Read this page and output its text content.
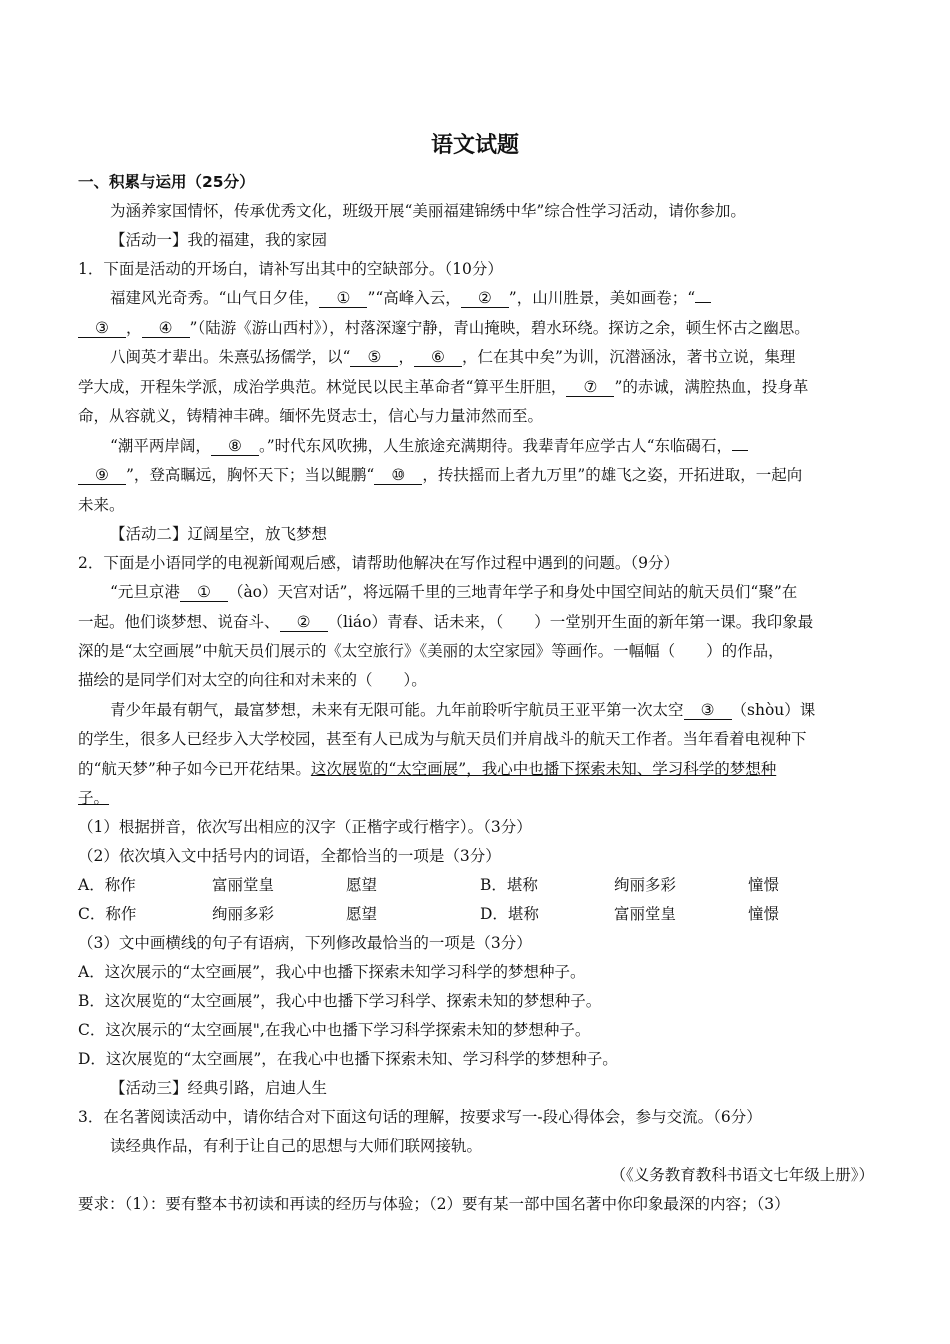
语文试题
一、积累与运用（25分）
为涵养家国情怀，传承优秀文化，班级开展“美丽福建锦绣中华”综合性学习活动，请你参加。
【活动一】我的福建，我的家园
1．下面是活动的开场白，请补写出其中的空缺部分。（10分）
福建风光奇秀。“山气日夕佳， ① ”“高峰入云， ② ”，山川胜景，美如画卷；“
③ ， ④ ”（陆游《游山西村》），村落深邃宁静，青山掩映，碧水环绕。探访之余，顿生怀古之幽思。
八闽英才辈出。朱熹弘扬儒学，以“ ⑤ ， ⑥ ，仁在其中矣”为训，沉潜涵泳，著书立说，集理
学大成，开程朱学派，成治学典范。林觉民以民主革命者“算平生肝胆， ⑦ ”的赤诚，满腔热血，投身革
命，从容就义，铸精神丰碑。缅怀先贤志士，信心与力量沛然而至。
“潮平两岸阔， ⑧ 。”时代东风吹拂，人生旅途充满期待。我辈青年应学古人“东临碣石，
⑨ ”，登高瞩远，胸怀天下；当以鲲鹏“ ⑩ ，抟扶摇而上者九万里”的雄飞之姿，开拓进取，一起向
未来。
【活动二】辽阔星空，放飞梦想
2．下面是小语同学的电视新闻观后感，请帮助他解决在写作过程中遇到的问题。（9分）
“元旦京港 ① （ào）天宫对话”，将远隔千里的三地青年学子和身处中国空间站的航天员们“聚”在
一起。他们谈梦想、说奋斗、 ② （liáo）青春、话未来，（　　）一堂别开生面的新年第一课。我印象最
深的是“太空画展”中航天员们展示的《太空旅行》《美丽的太空家园》等画作。一幅幅（　　）的作品，
描绘的是同学们对太空的向往和对未来的（　　）。
青少年最有朝气，最富梦想，未来有无限可能。九年前聆听宇航员王亚平第一次太空 ③ （shòu）课
的学生，很多人已经步入大学校园，甚至有人已成为与航天员们并肩战斗的航天工作者。当年看着电视种下
的“航天梦”种子如今已开花结果。这次展览的“太空画展”，我心中也播下探索未知、学习科学的梦想种
子。
（1）根据拼音，依次写出相应的汉字（正楷字或行楷字）。（3分）
（2）依次填入文中括号内的词语，全都恰当的一项是（3分）
A．称作	富丽堂皇	愿望	B．堪称	绚丽多彩	憧憬
C．称作	绚丽多彩	愿望	D．堪称	富丽堂皇	憧憬
（3）文中画横线的句子有语病，下列修改最恰当的一项是（3分）
A．这次展示的“太空画展”，我心中也播下探索未知学习科学的梦想种子。
B．这次展览的“太空画展”，我心中也播下学习科学、探索未知的梦想种子。
C．这次展示的“太空画展",在我心中也播下学习科学探索未知的梦想种子。
D．这次展览的“太空画展”，在我心中也播下探索未知、学习科学的梦想种子。
【活动三】经典引路，启迪人生
3．在名著阅读活动中，请你结合对下面这句话的理解，按要求写一-段心得体会，参与交流。（6分）
读经典作品，有利于让自己的思想与大师们联网接轨。
（《义务教育教科书语文七年级上册》）
要求：（1）：要有整本书初读和再读的经历与体验；（2）要有某一部中国名著中你印象最深的内容；（3）
